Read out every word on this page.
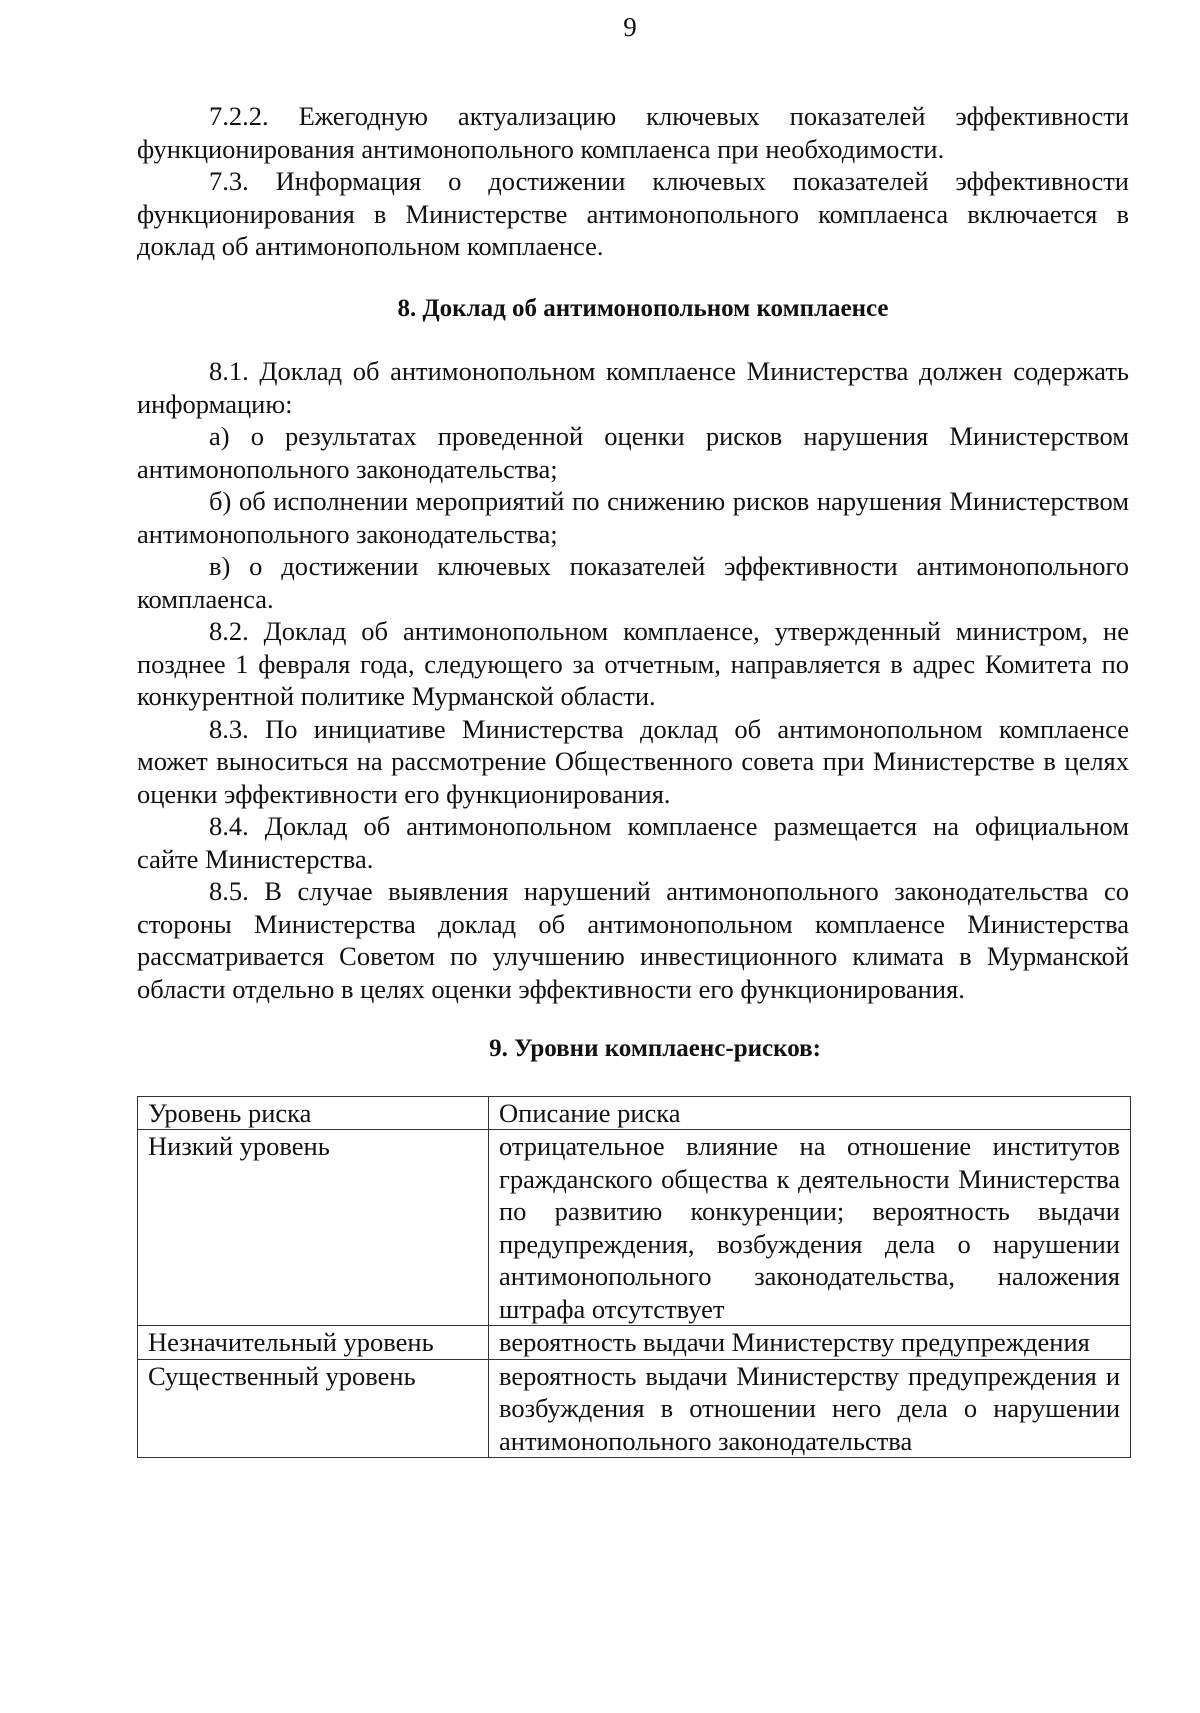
9

7.2.2. Ежегодную актуализацию ключевых показателей эффективности функционирования антимонопольного комплаенса при необходимости.

7.3. Информация о достижении ключевых показателей эффективности функционирования в Министерстве антимонопольного комплаенса включается в доклад об антимонопольном комплаенсе.

8. Доклад об антимонопольном комплаенсе

8.1. Доклад об антимонопольном комплаенсе Министерства должен содержать информацию:

а) о результатах проведенной оценки рисков нарушения Министерством антимонопольного законодательства;

б) об исполнении мероприятий по снижению рисков нарушения Министерством антимонопольного законодательства;

в) о достижении ключевых показателей эффективности антимонопольного комплаенса.

8.2. Доклад об антимонопольном комплаенсе, утвержденный министром, не позднее 1 февраля года, следующего за отчетным, направляется в адрес Комитета по конкурентной политике Мурманской области.

8.3. По инициативе Министерства доклад об антимонопольном комплаенсе может выноситься на рассмотрение Общественного совета при Министерстве в целях оценки эффективности его функционирования.

8.4. Доклад об антимонопольном комплаенсе размещается на официальном сайте Министерства.

8.5. В случае выявления нарушений антимонопольного законодательства со стороны Министерства доклад об антимонопольном комплаенсе Министерства рассматривается Советом по улучшению инвестиционного климата в Мурманской области отдельно в целях оценки эффективности его функционирования.

9. Уровни комплаенс-рисков:
Уровень риска	Описание риска
Низкий уровень	отрицательное влияние на отношение институтов гражданского общества к деятельности Министерства по развитию конкуренции; вероятность выдачи предупреждения, возбуждения дела о нарушении антимонопольного законодательства, наложения штрафа отсутствует
Незначительный уровень	вероятность выдачи Министерству предупреждения
Существенный уровень	вероятность выдачи Министерству предупреждения и возбуждения в отношении него дела о нарушении антимонопольного законодательства
